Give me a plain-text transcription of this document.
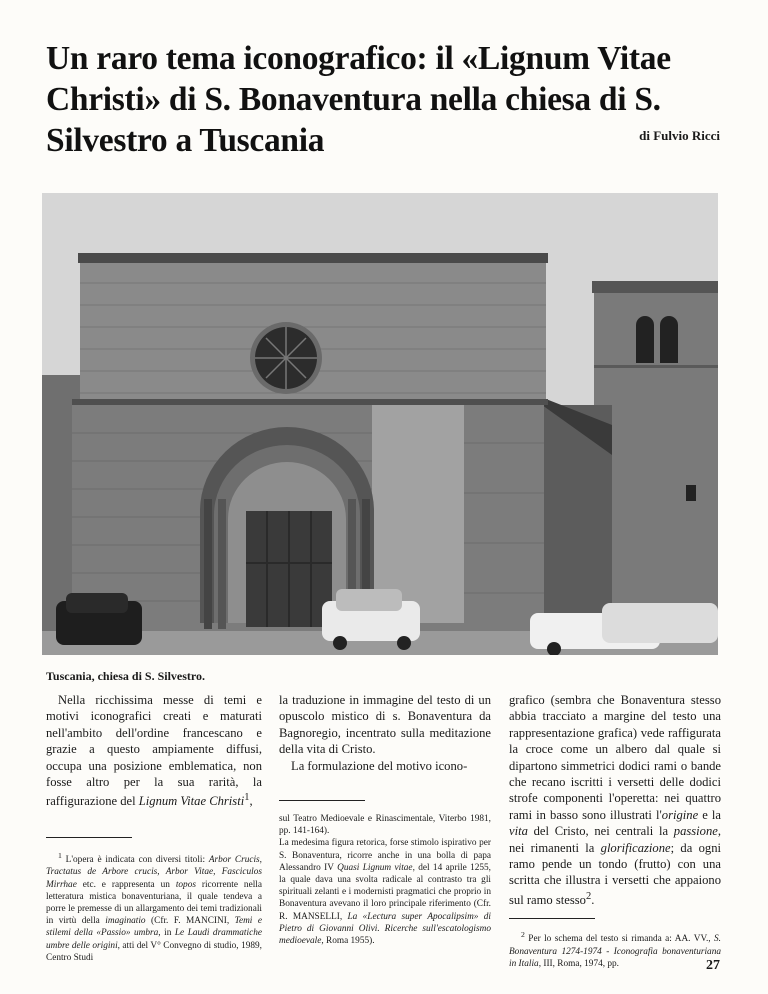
Un raro tema iconografico: il «Lignum Vitae Christi» di S. Bonaventura nella chiesa di S. Silvestro a Tuscania	di Fulvio Ricci
Tuscania, chiesa di S. Silvestro.

Nella ricchissima messe di temi e motivi iconografici creati e maturati nell'ambito dell'ordine francescano e grazie a questo ampiamente diffusi, occupa una posizione emblematica, non fosse altro per la sua rarità, la raffigurazione del Lignum Vitae Christi$^1$,

$^1$ L'opera è indicata con diversi titoli: Arbor Crucis, Tractatus de Arbore crucis, Arbor Vitae, Fasciculos Mirrhae etc. e rappresenta un topos ricorrente nella letteratura mistica bonaventuriana, il quale tendeva a porre le premesse di un allargamento dei temi tradizionali in virtù della imaginatio (Cfr. F. MANCINI, Temi e stilemi della «Passio» umbra, in Le Laudi drammatiche umbre delle origini, atti del V° Convegno di studio, 1989, Centro Studi

la traduzione in immagine del testo di un opuscolo mistico di s. Bonaventura da Bagnoregio, incentrato sulla meditazione della vita di Cristo.

La formulazione del motivo icono-

sul Teatro Medioevale e Rinascimentale, Viterbo 1981, pp. 141-164).

La medesima figura retorica, forse stimolo ispirativo per S. Bonaventura, ricorre anche in una bolla di papa Alessandro IV Quasi Lignum vitae, del 14 aprile 1255, la quale dava una svolta radicale al contrasto tra gli spirituali zelanti e i modernisti pragmatici che proprio in Bonaventura avevano il loro principale riferimento (Cfr. R. MANSELLI, La «Lectura super Apocalipsim» di Pietro di Giovanni Olivi. Ricerche sull'escatologismo medioevale, Roma 1955).

grafico (sembra che Bonaventura stesso abbia tracciato a margine del testo una rappresentazione grafica) vede raffigurata la croce come un albero dal quale si dipartono simmetrici dodici rami o bande che recano iscritti i versetti delle dodici strofe componenti l'operetta: nei quattro rami in basso sono illustrati l'origine e la vita del Cristo, nei centrali la passione, nei rimanenti la glorificazione; da ogni ramo pende un tondo (frutto) con una scritta che illustra i versetti che appaiono sul ramo stesso$^2$.

$^2$ Per lo schema del testo si rimanda a: AA. VV., S. Bonaventura 1274-1974 - Iconografia bonaventuriana in Italia, III, Roma, 1974, pp.	27
